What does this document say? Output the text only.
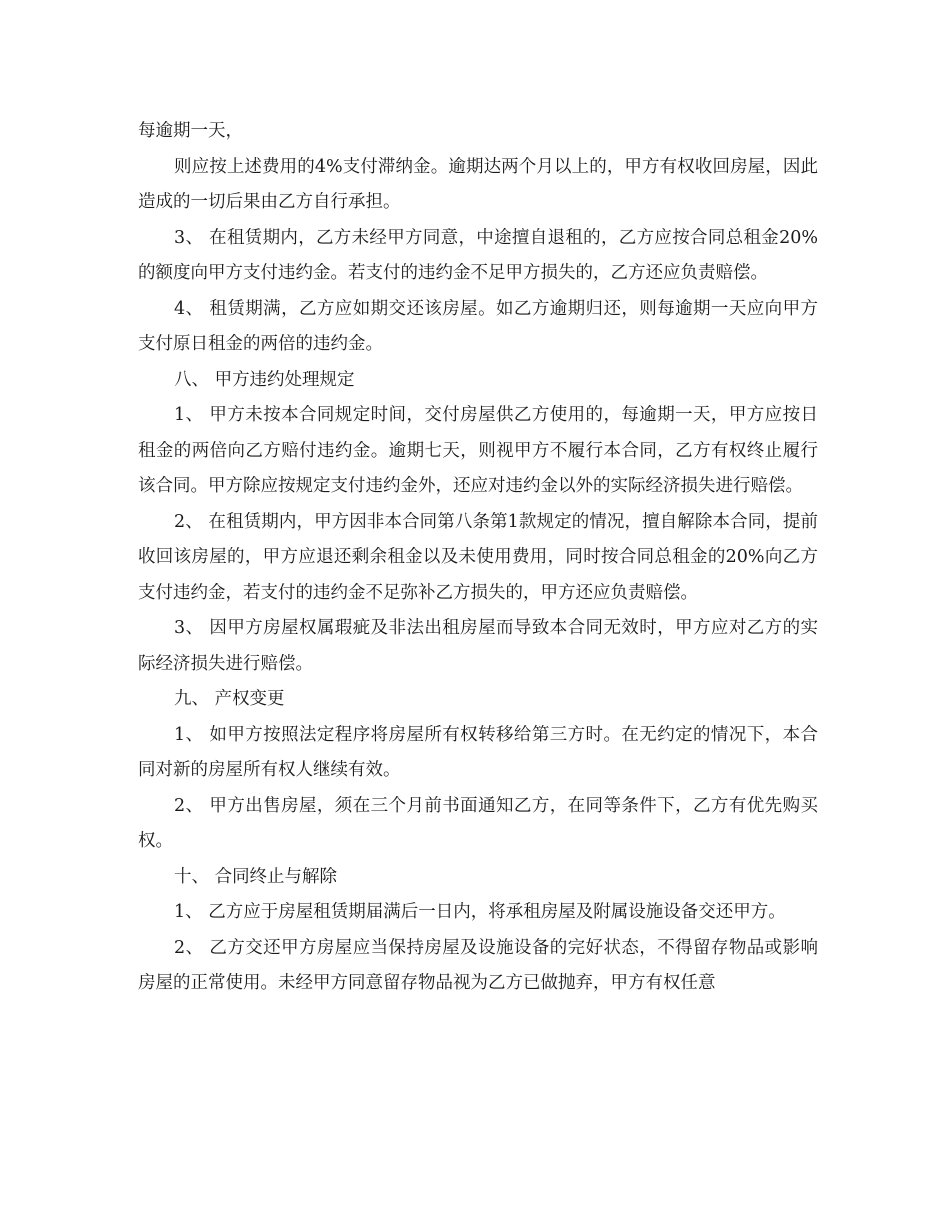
每逾期一天，

则应按上述费用的4%支付滞纳金。逾期达两个月以上的，甲方有权收回房屋，因此造成的一切后果由乙方自行承担。

3、 在租赁期内，乙方未经甲方同意，中途擅自退租的，乙方应按合同总租金20%的额度向甲方支付违约金。若支付的违约金不足甲方损失的，乙方还应负责赔偿。

4、 租赁期满，乙方应如期交还该房屋。如乙方逾期归还，则每逾期一天应向甲方支付原日租金的两倍的违约金。

八、 甲方违约处理规定

1、 甲方未按本合同规定时间，交付房屋供乙方使用的，每逾期一天，甲方应按日租金的两倍向乙方赔付违约金。逾期七天，则视甲方不履行本合同，乙方有权终止履行该合同。甲方除应按规定支付违约金外，还应对违约金以外的实际经济损失进行赔偿。

2、 在租赁期内，甲方因非本合同第八条第1款规定的情况，擅自解除本合同，提前收回该房屋的，甲方应退还剩余租金以及未使用费用，同时按合同总租金的20%向乙方支付违约金，若支付的违约金不足弥补乙方损失的，甲方还应负责赔偿。

3、 因甲方房屋权属瑕疵及非法出租房屋而导致本合同无效时，甲方应对乙方的实际经济损失进行赔偿。

九、 产权变更

1、 如甲方按照法定程序将房屋所有权转移给第三方时。在无约定的情况下，本合同对新的房屋所有权人继续有效。

2、 甲方出售房屋，须在三个月前书面通知乙方，在同等条件下，乙方有优先购买权。

十、 合同终止与解除

1、 乙方应于房屋租赁期届满后一日内，将承租房屋及附属设施设备交还甲方。

2、 乙方交还甲方房屋应当保持房屋及设施设备的完好状态，不得留存物品或影响房屋的正常使用。未经甲方同意留存物品视为乙方已做抛弃，甲方有权任意
